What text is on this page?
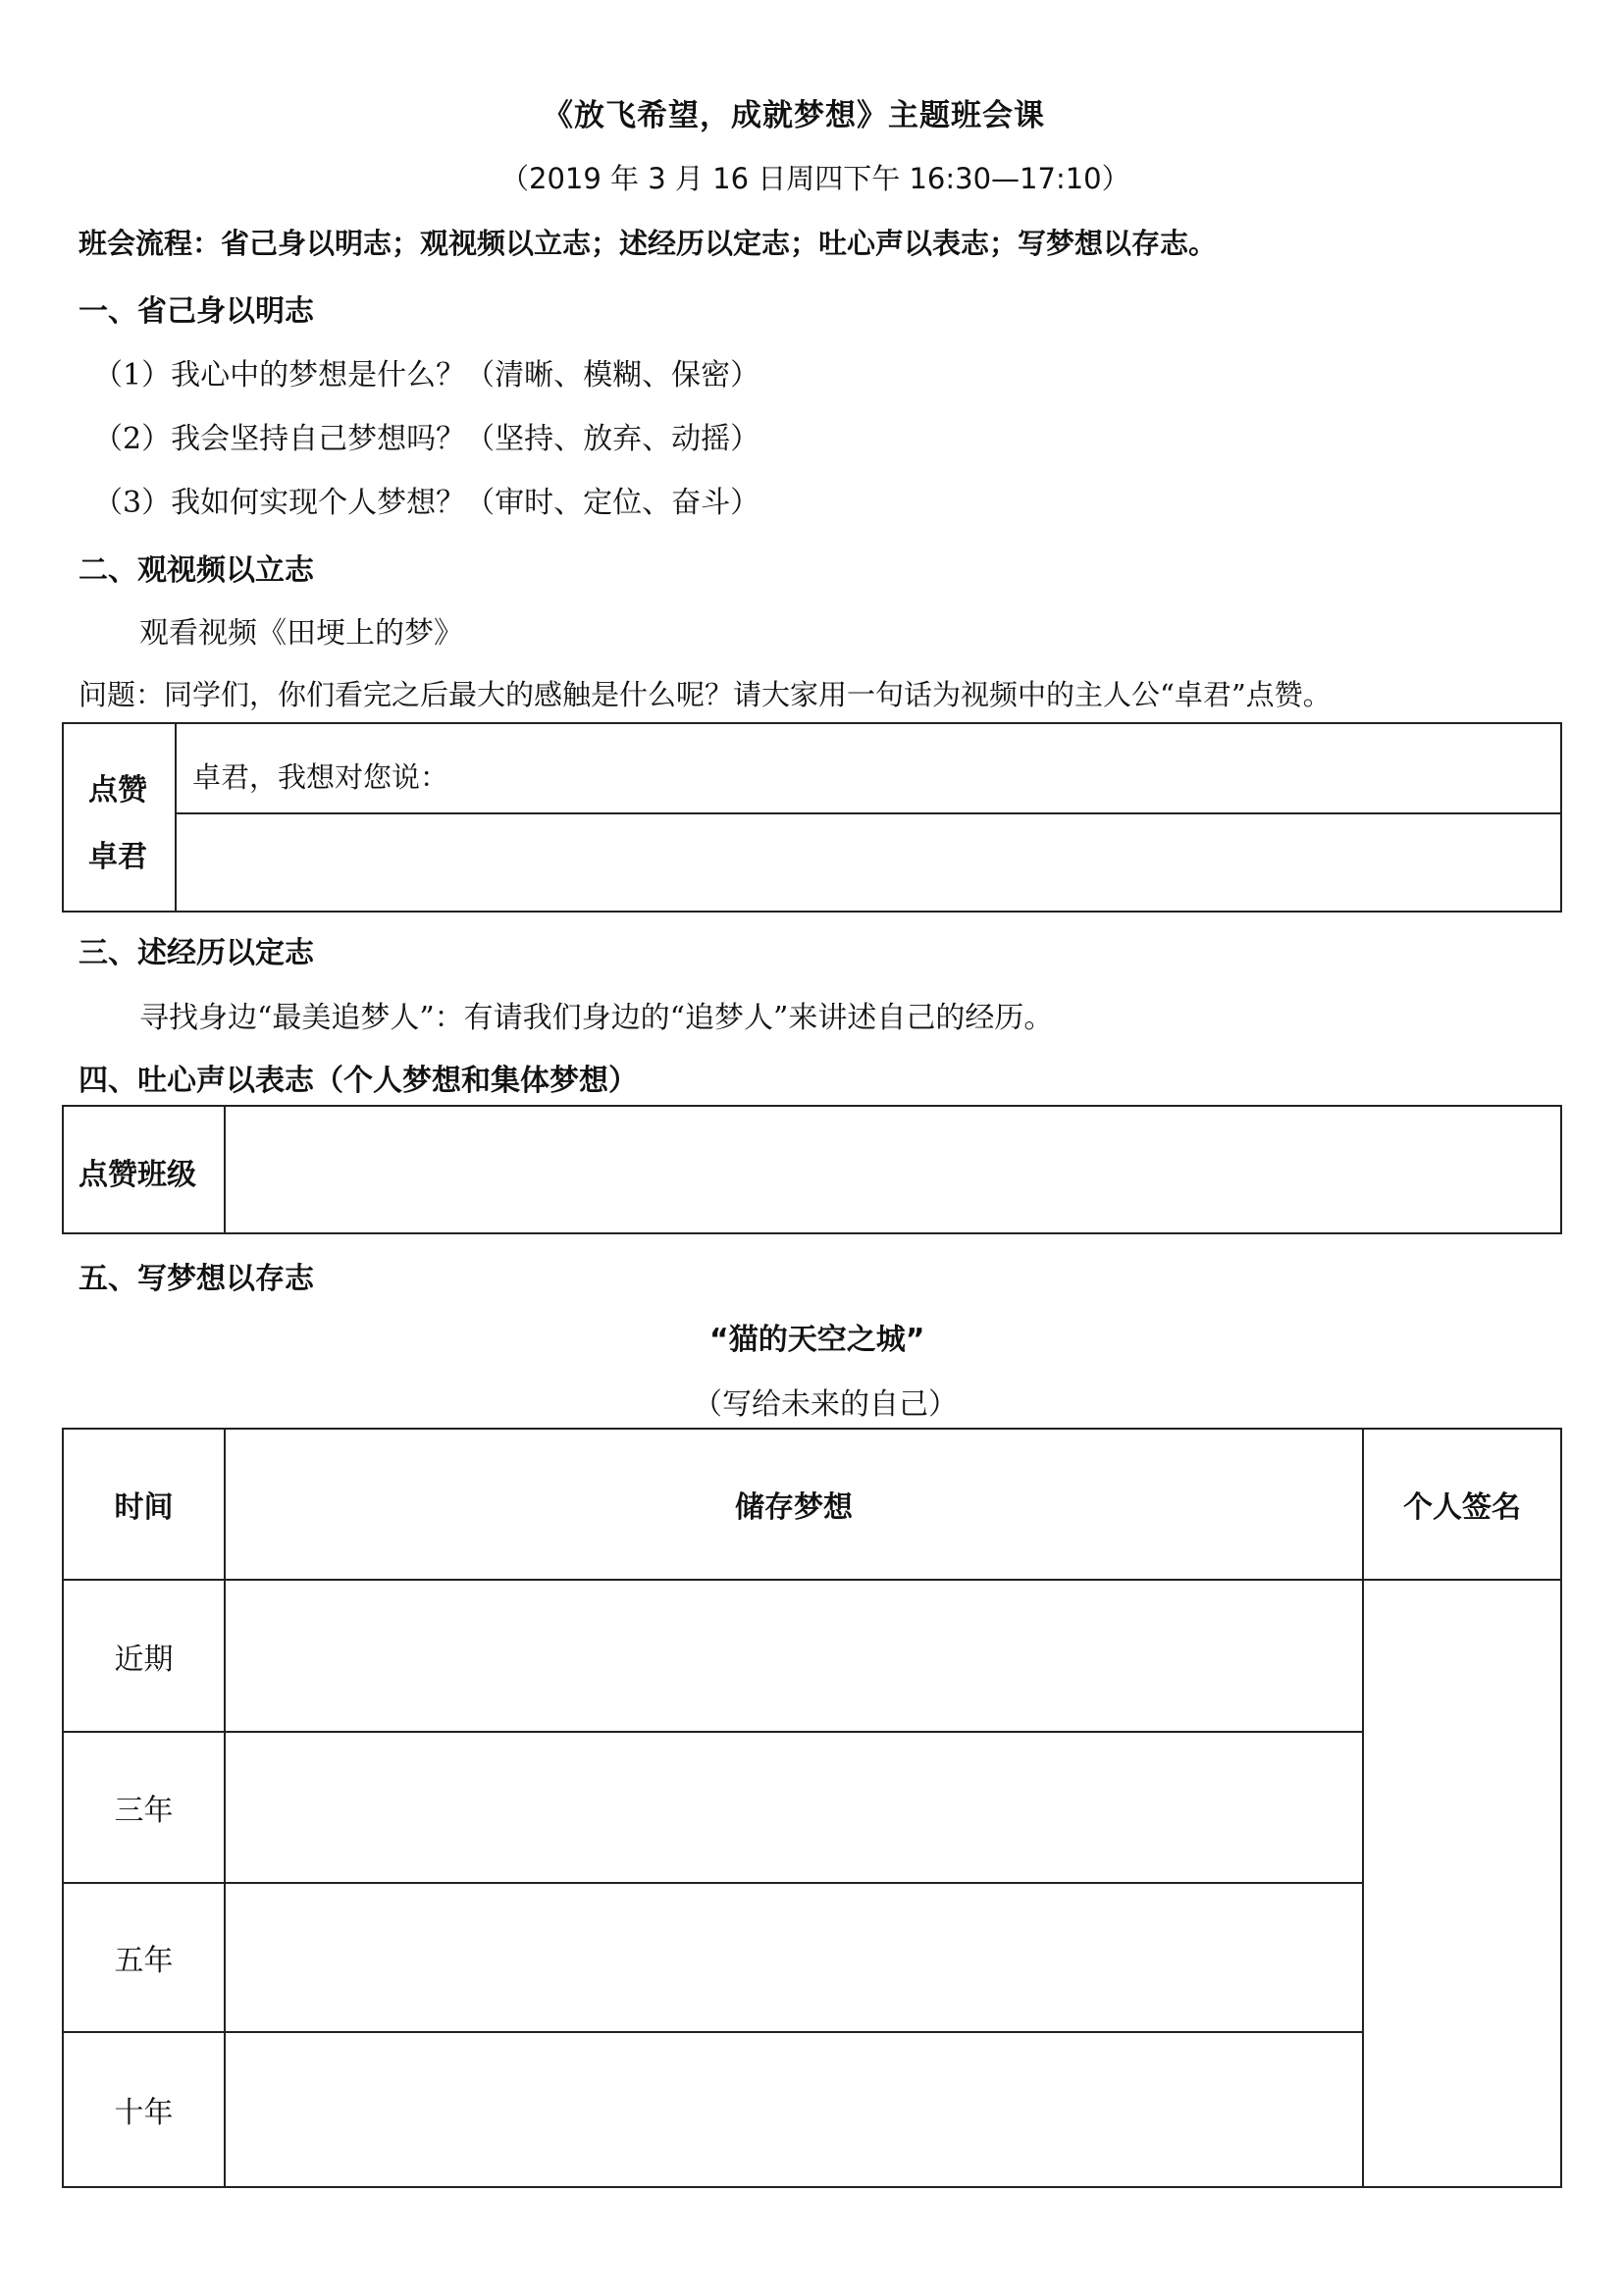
《放飞希望，成就梦想》主题班会课
（2019 年 3 月 16 日周四下午 16:30—17:10）
班会流程：省己身以明志；观视频以立志；述经历以定志；吐心声以表志；写梦想以存志。
一、省己身以明志
（1）我心中的梦想是什么？（清晰、模糊、保密）
（2）我会坚持自己梦想吗？（坚持、放弃、动摇）
（3）我如何实现个人梦想？（审时、定位、奋斗）
二、观视频以立志
观看视频《田埂上的梦》
问题：同学们，你们看完之后最大的感触是什么呢？请大家用一句话为视频中的主人公“卓君”点赞。
点赞
卓君
卓君，我想对您说：
三、述经历以定志
寻找身边“最美追梦人”：有请我们身边的“追梦人”来讲述自己的经历。
四、吐心声以表志（个人梦想和集体梦想）
点赞班级
五、写梦想以存志
“猫的天空之城”
（写给未来的自己）
时间	储存梦想	个人签名
近期
三年
五年
十年
